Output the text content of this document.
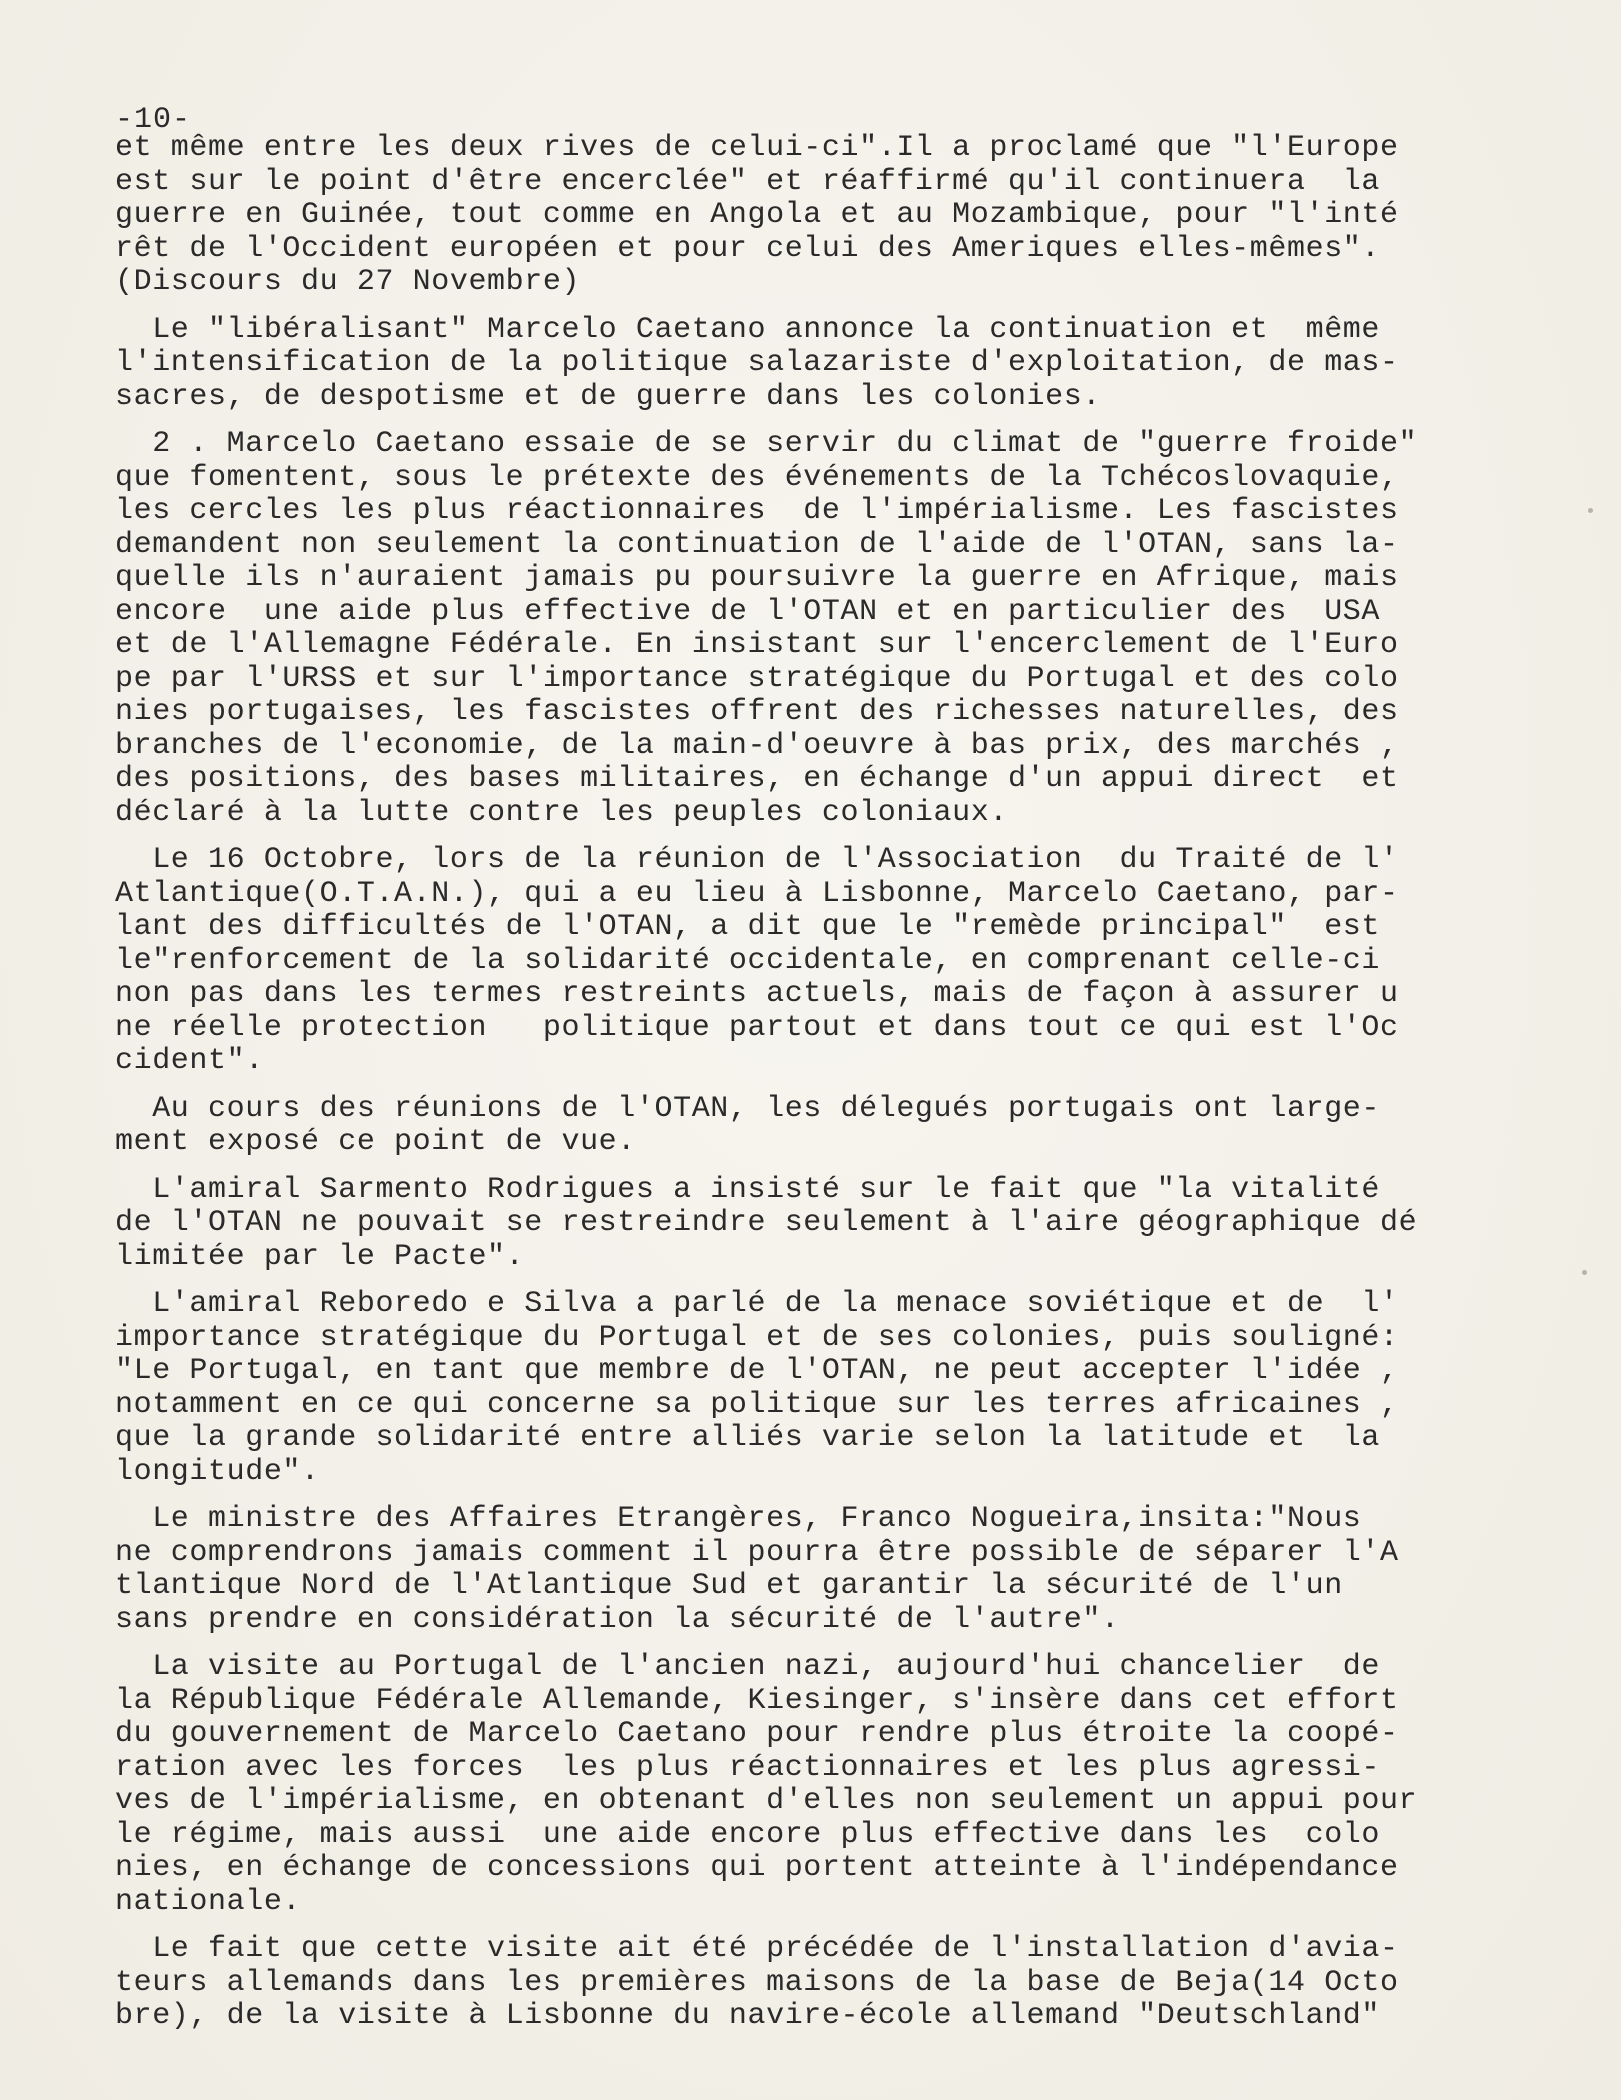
-10-
et même entre les deux rives de celui-ci".Il a proclamé que "l'Europe
est sur le point d'être encerclée" et réaffirmé qu'il continuera  la
guerre en Guinée, tout comme en Angola et au Mozambique, pour "l'inté
rêt de l'Occident européen et pour celui des Ameriques elles-mêmes".
(Discours du 27 Novembre)
Le "libéralisant" Marcelo Caetano annonce la continuation et  même
l'intensification de la politique salazariste d'exploitation, de mas-
sacres, de despotisme et de guerre dans les colonies.
2 . Marcelo Caetano essaie de se servir du climat de "guerre froide"
que fomentent, sous le prétexte des événements de la Tchécoslovaquie,
les cercles les plus réactionnaires  de l'impérialisme. Les fascistes
demandent non seulement la continuation de l'aide de l'OTAN, sans la-
quelle ils n'auraient jamais pu poursuivre la guerre en Afrique, mais
encore  une aide plus effective de l'OTAN et en particulier des  USA
et de l'Allemagne Fédérale. En insistant sur l'encerclement de l'Euro
pe par l'URSS et sur l'importance stratégique du Portugal et des colo
nies portugaises, les fascistes offrent des richesses naturelles, des
branches de l'economie, de la main-d'oeuvre à bas prix, des marchés ,
des positions, des bases militaires, en échange d'un appui direct  et
déclaré à la lutte contre les peuples coloniaux.
Le 16 Octobre, lors de la réunion de l'Association  du Traité de l'
Atlantique(O.T.A.N.), qui a eu lieu à Lisbonne, Marcelo Caetano, par-
lant des difficultés de l'OTAN, a dit que le "remède principal"  est
le"renforcement de la solidarité occidentale, en comprenant celle-ci
non pas dans les termes restreints actuels, mais de façon à assurer u
ne réelle protection   politique partout et dans tout ce qui est l'Oc
cident".
Au cours des réunions de l'OTAN, les délegués portugais ont large-
ment exposé ce point de vue.
L'amiral Sarmento Rodrigues a insisté sur le fait que "la vitalité
de l'OTAN ne pouvait se restreindre seulement à l'aire géographique dé
limitée par le Pacte".
L'amiral Reboredo e Silva a parlé de la menace soviétique et de  l'
importance stratégique du Portugal et de ses colonies, puis souligné:
"Le Portugal, en tant que membre de l'OTAN, ne peut accepter l'idée ,
notamment en ce qui concerne sa politique sur les terres africaines ,
que la grande solidarité entre alliés varie selon la latitude et  la
longitude".
Le ministre des Affaires Etrangères, Franco Nogueira,insita:"Nous
ne comprendrons jamais comment il pourra être possible de séparer l'A
tlantique Nord de l'Atlantique Sud et garantir la sécurité de l'un
sans prendre en considération la sécurité de l'autre".
La visite au Portugal de l'ancien nazi, aujourd'hui chancelier  de
la République Fédérale Allemande, Kiesinger, s'insère dans cet effort
du gouvernement de Marcelo Caetano pour rendre plus étroite la coopé-
ration avec les forces  les plus réactionnaires et les plus agressi-
ves de l'impérialisme, en obtenant d'elles non seulement un appui pour
le régime, mais aussi  une aide encore plus effective dans les  colo
nies, en échange de concessions qui portent atteinte à l'indépendance
nationale.
Le fait que cette visite ait été précédée de l'installation d'avia-
teurs allemands dans les premières maisons de la base de Beja(14 Octo
bre), de la visite à Lisbonne du navire-école allemand "Deutschland"
